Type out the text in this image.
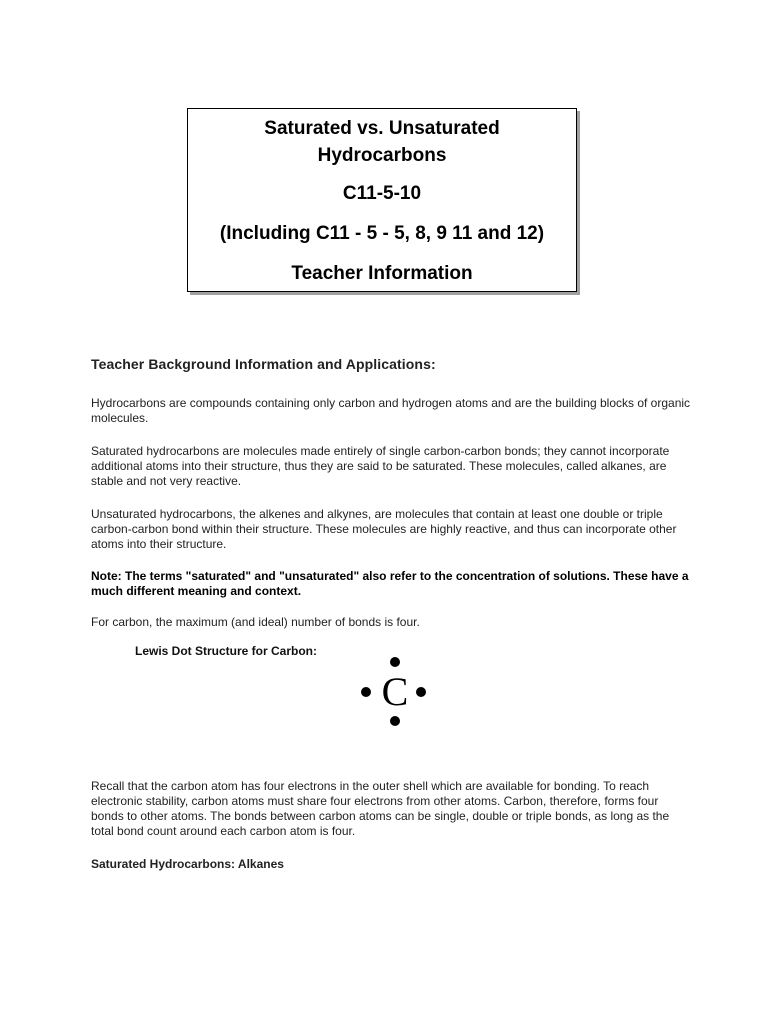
Saturated vs. Unsaturated
Hydrocarbons
C11-5-10
(Including C11 - 5 - 5, 8, 9 11 and 12)
Teacher Information
Teacher Background Information and Applications:
Hydrocarbons are compounds containing only carbon and hydrogen atoms and are the building blocks of organic molecules.
Saturated hydrocarbons are molecules made entirely of single carbon-carbon bonds; they cannot incorporate additional atoms into their structure, thus they are said to be saturated. These molecules, called alkanes, are stable and not very reactive.
Unsaturated hydrocarbons, the alkenes and alkynes, are molecules that contain at least one double or triple carbon-carbon bond within their structure. These molecules are highly reactive, and thus can incorporate other atoms into their structure.
Note: The terms "saturated" and "unsaturated" also refer to the concentration of solutions. These have a much different meaning and context.
For carbon, the maximum (and ideal) number of bonds is four.
Lewis Dot Structure for Carbon:
C
Recall that the carbon atom has four electrons in the outer shell which are available for bonding. To reach electronic stability, carbon atoms must share four electrons from other atoms. Carbon, therefore, forms four bonds to other atoms. The bonds between carbon atoms can be single, double or triple bonds, as long as the total bond count around each carbon atom is four.
Saturated Hydrocarbons: Alkanes
